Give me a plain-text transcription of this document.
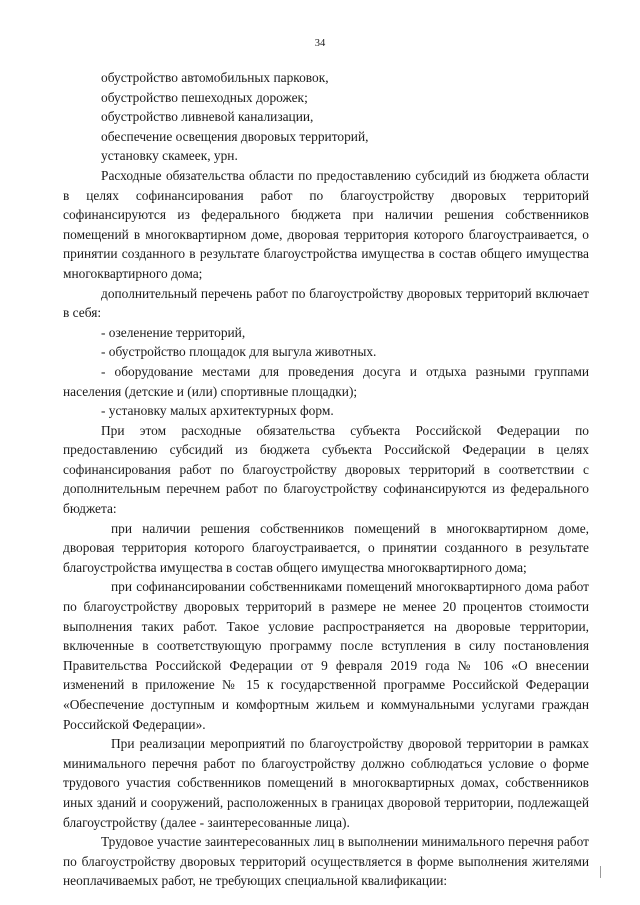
34

обустройство автомобильных парковок,

обустройство пешеходных дорожек;

обустройство ливневой канализации,

обеспечение освещения дворовых территорий,

установку скамеек, урн.

Расходные обязательства области по предоставлению субсидий из бюджета области в целях софинансирования работ по благоустройству дворовых территорий софинансируются из федерального бюджета при наличии решения собственников помещений в многоквартирном доме, дворовая территория которого благоустраивается, о принятии созданного в результате благоустройства имущества в состав общего имущества многоквартирного дома;

дополнительный перечень работ по благоустройству дворовых территорий включает в себя:

- озеленение территорий,

- обустройство площадок для выгула животных.

- оборудование местами для проведения досуга и отдыха разными группами населения (детские и (или) спортивные площадки);

- установку малых архитектурных форм.

При этом расходные обязательства субъекта Российской Федерации по предоставлению субсидий из бюджета субъекта Российской Федерации в целях софинансирования работ по благоустройству дворовых территорий в соответствии с дополнительным перечнем работ по благоустройству софинансируются из федерального бюджета:

при наличии решения собственников помещений в многоквартирном доме, дворовая территория которого благоустраивается, о принятии созданного в результате благоустройства имущества в состав общего имущества многоквартирного дома;

при софинансировании собственниками помещений многоквартирного дома работ по благоустройству дворовых территорий в размере не менее 20 процентов стоимости выполнения таких работ. Такое условие распространяется на дворовые территории, включенные в соответствующую программу после вступления в силу постановления Правительства Российской Федерации от 9 февраля 2019 года № 106 «О внесении изменений в приложение № 15 к государственной программе Российской Федерации «Обеспечение доступным и комфортным жильем и коммунальными услугами граждан Российской Федерации».

При реализации мероприятий по благоустройству дворовой территории в рамках минимального перечня работ по благоустройству должно соблюдаться условие о форме трудового участия собственников помещений в многоквартирных домах, собственников иных зданий и сооружений, расположенных в границах дворовой территории, подлежащей благоустройству (далее - заинтересованные лица).

Трудовое участие заинтересованных лиц в выполнении минимального перечня работ по благоустройству дворовых территорий осуществляется в форме выполнения жителями неоплачиваемых работ, не требующих специальной квалификации:
